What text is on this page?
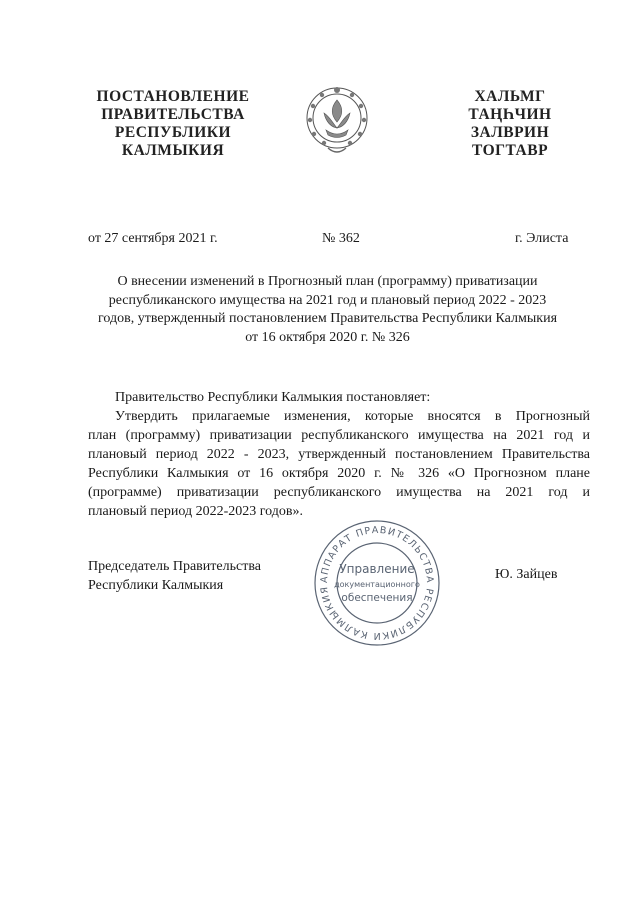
ПОСТАНОВЛЕНИЕ
ПРАВИТЕЛЬСТВА
РЕСПУБЛИКИ
КАЛМЫКИЯ
ХАЛЬМГ
ТАҢҺЧИН
ЗАЛВРИН
ТОГТАВР
от 27 сентября 2021 г.	№ 362	г. Элиста
О внесении изменений в Прогнозный план (программу) приватизации
республиканского имущества на 2021 год и плановый период 2022 - 2023
годов, утвержденный постановлением Правительства Республики Калмыкия
от 16 октября 2020 г. № 326
Правительство Республики Калмыкия постановляет:
Утвердить прилагаемые изменения, которые вносятся в Прогнозный
план (программу) приватизации республиканского имущества на 2021 год и
плановый период 2022 - 2023, утвержденный постановлением Правительства
Республики Калмыкия от 16 октября 2020 г. № 326 «О Прогнозном плане
(программе) приватизации республиканского имущества на 2021 год и
плановый период 2022-2023 годов».
АППАРАТ ПРАВИТЕЛЬСТВА РЕСПУБЛИКИ КАЛМЫКИЯ
Управление
документационного
обеспечения
Председатель Правительства
Республики Калмыкия
Ю. Зайцев
